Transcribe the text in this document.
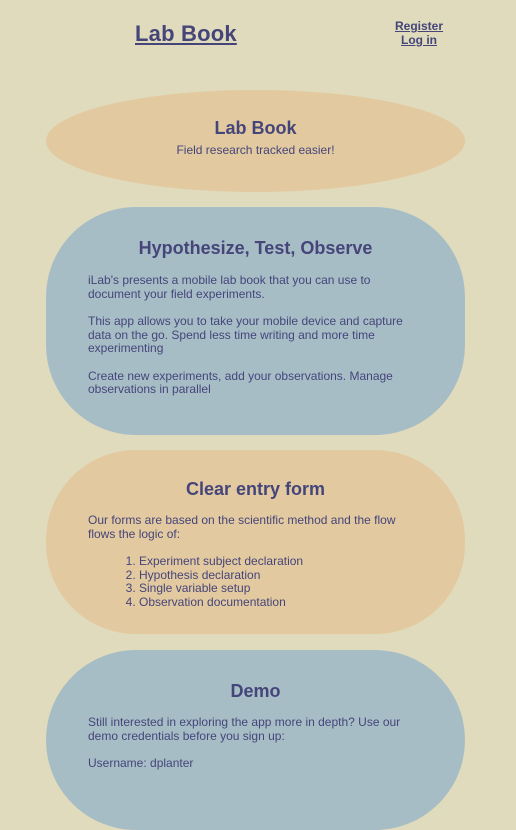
Lab Book	Register
Log in
Lab Book

Field research tracked easier!

Hypothesize, Test, Observe

iLab's presents a mobile lab book that you can use to document your field experiments.

This app allows you to take your mobile device and capture data on the go. Spend less time writing and more time experimenting

Create new experiments, add your observations. Manage observations in parallel

Clear entry form

Our forms are based on the scientific method and the flow flows the logic of:

1. Experiment subject declaration
2. Hypothesis declaration
3. Single variable setup
4. Observation documentation
Demo

Still interested in exploring the app more in depth? Use our demo credentials before you sign up:

Username: dplanter
